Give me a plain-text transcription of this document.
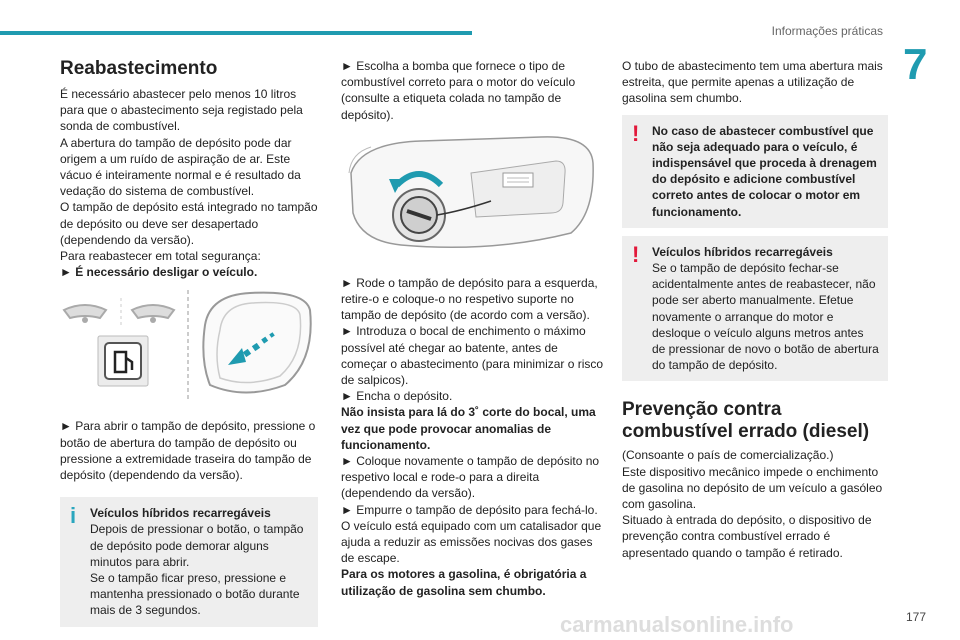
Informações práticas
7
Reabastecimento

É necessário abastecer pelo menos 10 litros para que o abastecimento seja registado pela sonda de combustível.

A abertura do tampão de depósito pode dar origem a um ruído de aspiração de ar. Este vácuo é inteiramente normal e é resultado da vedação do sistema de combustível.

O tampão de depósito está integrado no tampão de depósito ou deve ser desapertado (dependendo da versão).

Para reabastecer em total segurança:

► É necessário desligar o veículo.

► Para abrir o tampão de depósito, pressione o botão de abertura do tampão de depósito ou pressione a extremidade traseira do tampão de depósito (dependendo da versão).

i Veículos híbridos recarregáveis

Depois de pressionar o botão, o tampão de depósito pode demorar alguns minutos para abrir.

Se o tampão ficar preso, pressione e mantenha pressionado o botão durante mais de 3 segundos.

► Escolha a bomba que fornece o tipo de combustível correto para o motor do veículo (consulte a etiqueta colada no tampão de depósito).

► Rode o tampão de depósito para a esquerda, retire-o e coloque-o no respetivo suporte no tampão de depósito (de acordo com a versão).

► Introduza o bocal de enchimento o máximo possível até chegar ao batente, antes de começar o abastecimento (para minimizar o risco de salpicos).

► Encha o depósito.

Não insista para lá do 3˚ corte do bocal, uma vez que pode provocar anomalias de funcionamento.

► Coloque novamente o tampão de depósito no respetivo local e rode-o para a direita (dependendo da versão).

► Empurre o tampão de depósito para fechá-lo.

O veículo está equipado com um catalisador que ajuda a reduzir as emissões nocivas dos gases de escape.

Para os motores a gasolina, é obrigatória a utilização de gasolina sem chumbo.

O tubo de abastecimento tem uma abertura mais estreita, que permite apenas a utilização de gasolina sem chumbo.

! No caso de abastecer combustível que não seja adequado para o veículo, é indispensável que proceda à drenagem do depósito e adicione combustível correto antes de colocar o motor em funcionamento.

! Veículos híbridos recarregáveis

Se o tampão de depósito fechar-se acidentalmente antes de reabastecer, não pode ser aberto manualmente. Efetue novamente o arranque do motor e desloque o veículo alguns metros antes de pressionar de novo o botão de abertura do tampão de depósito.

Prevenção contra combustível errado (diesel)

(Consoante o país de comercialização.)

Este dispositivo mecânico impede o enchimento de gasolina no depósito de um veículo a gasóleo com gasolina.

Situado à entrada do depósito, o dispositivo de prevenção contra combustível errado é apresentado quando o tampão é retirado.

carmanualsonline.info	177
